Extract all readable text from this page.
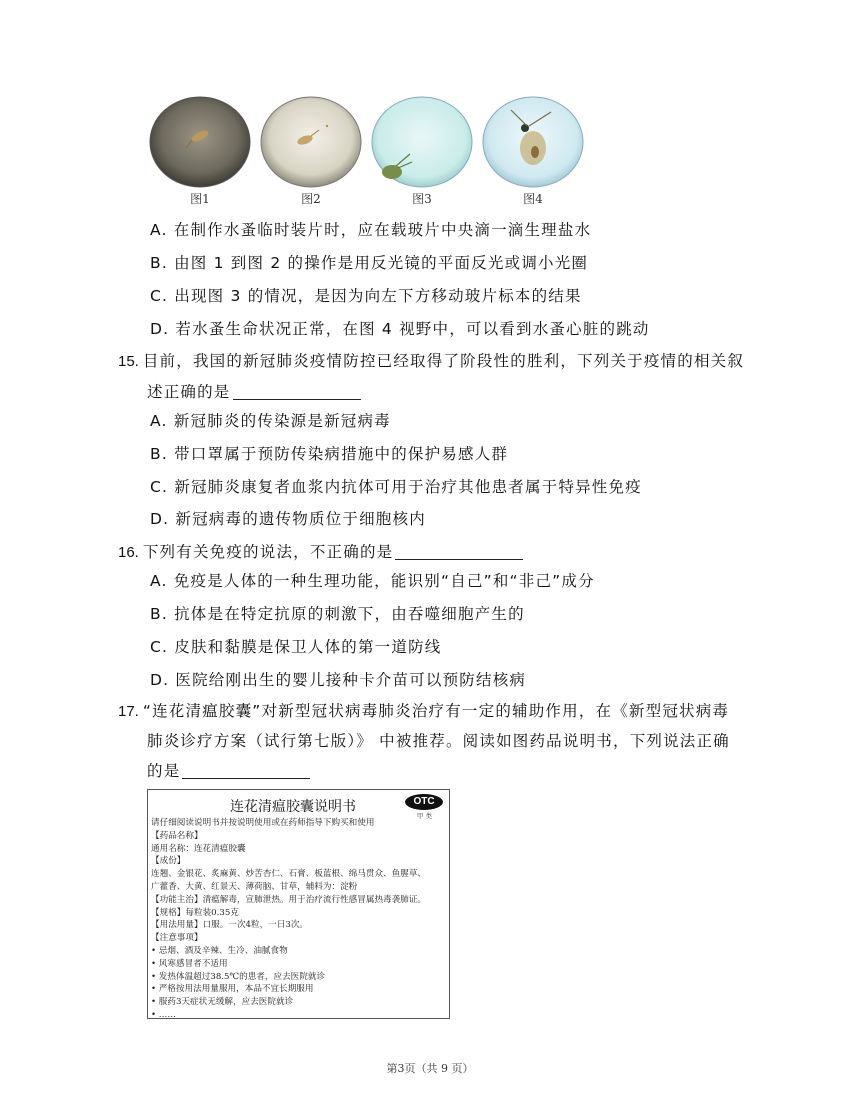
图1	图2	图3	图4
A. 在制作水蚤临时装片时，应在载玻片中央滴一滴生理盐水
B. 由图 1 到图 2 的操作是用反光镜的平面反光或调小光圈
C. 出现图 3 的情况，是因为向左下方移动玻片标本的结果
D. 若水蚤生命状况正常，在图 4 视野中，可以看到水蚤心脏的跳动
15. 目前，我国的新冠肺炎疫情防控已经取得了阶段性的胜利，下列关于疫情的相关叙
述正确的是
A. 新冠肺炎的传染源是新冠病毒
B. 带口罩属于预防传染病措施中的保护易感人群
C. 新冠肺炎康复者血浆内抗体可用于治疗其他患者属于特异性免疫
D. 新冠病毒的遗传物质位于细胞核内
16. 下列有关免疫的说法，不正确的是
A. 免疫是人体的一种生理功能，能识别“自己”和“非己”成分
B. 抗体是在特定抗原的刺激下，由吞噬细胞产生的
C. 皮肤和黏膜是保卫人体的第一道防线
D. 医院给刚出生的婴儿接种卡介苗可以预防结核病
17. “连花清瘟胶囊”对新型冠状病毒肺炎治疗有一定的辅助作用，在《新型冠状病毒
肺炎诊疗方案（试行第七版）》 中被推荐。阅读如图药品说明书，下列说法正确
的是
连花清瘟胶囊说明书	OTC
甲 类
请仔细阅读说明书并按说明使用或在药师指导下购买和使用
【药品名称】
通用名称：连花清瘟胶囊
【成份】
连翘、金银花、炙麻黄、炒苦杏仁、石膏、板蓝根、绵马贯众、鱼腥草、
广藿香、大黄、红景天、薄荷脑、甘草，辅料为：淀粉
【功能主治】清瘟解毒，宣肺泄热。用于治疗流行性感冒属热毒袭肺证。
【规格】每粒装0.35克
【用法用量】口服。一次4粒，一日3次。
【注意事项】
• 忌烟、酒及辛辣、生冷、油腻食物
• 风寒感冒者不适用
• 发热体温超过38.5℃的患者，应去医院就诊
• 严格按用法用量服用，本品不宜长期服用
• 服药3天症状无缓解，应去医院就诊
• ……
第3页（共 9 页）
